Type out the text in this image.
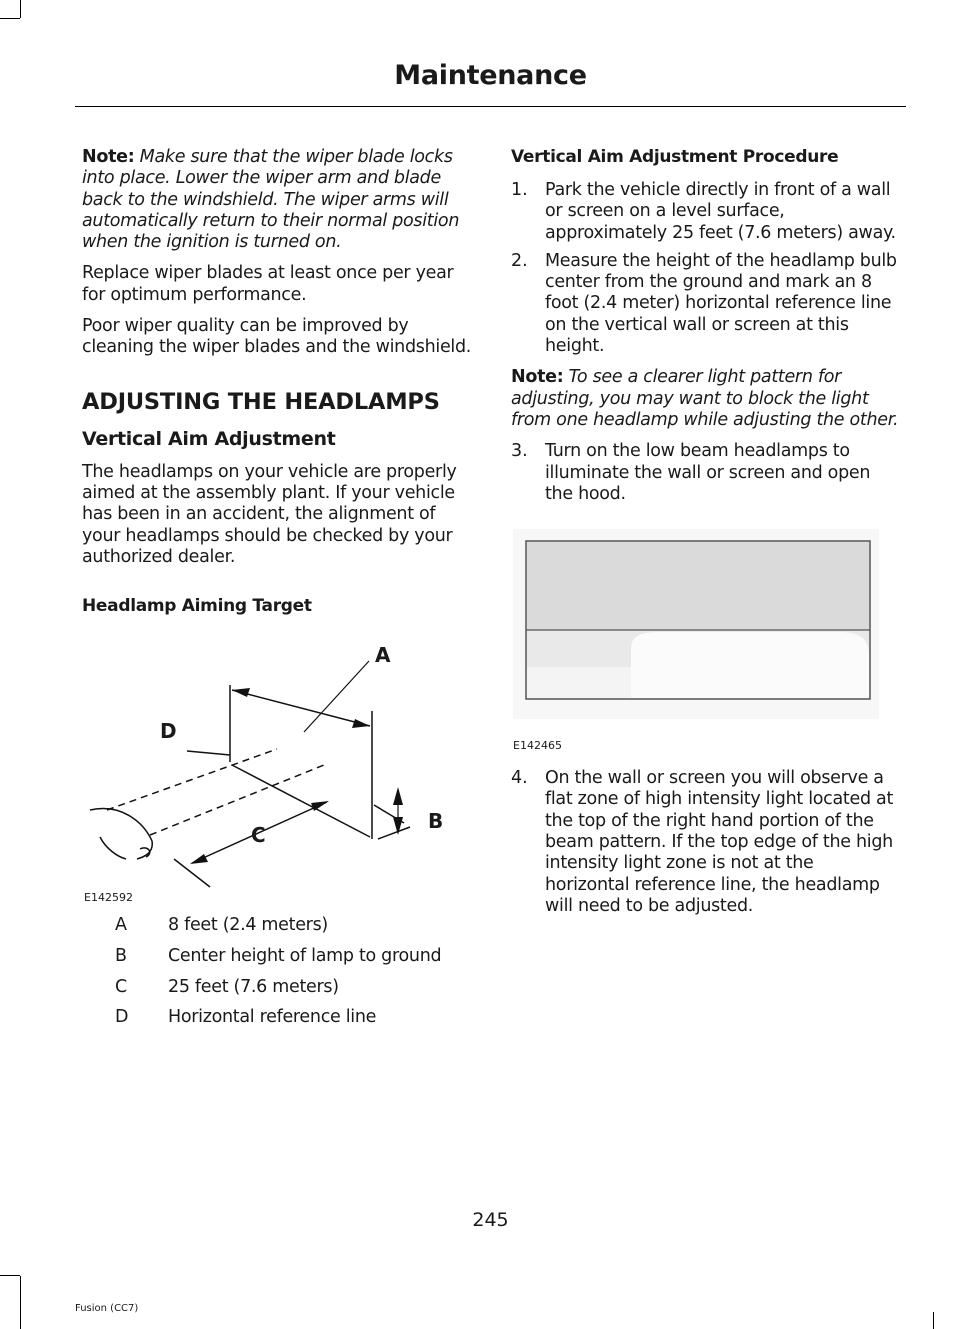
Maintenance

Note: Make sure that the wiper blade locks into place. Lower the wiper arm and blade back to the windshield. The wiper arms will automatically return to their normal position when the ignition is turned on.

Replace wiper blades at least once per year for optimum performance.

Poor wiper quality can be improved by cleaning the wiper blades and the windshield.

ADJUSTING THE HEADLAMPS
Vertical Aim Adjustment

The headlamps on your vehicle are properly aimed at the assembly plant. If your vehicle has been in an accident, the alignment of your headlamps should be checked by your authorized dealer.

Headlamp Aiming Target
A
B
C
D
E142592
A	8 feet (2.4 meters)
B	Center height of lamp to ground
C	25 feet (7.6 meters)
D	Horizontal reference line
Vertical Aim Adjustment Procedure
1. Park the vehicle directly in front of a wall or screen on a level surface, approximately 25 feet (7.6 meters) away.
2. Measure the height of the headlamp bulb center from the ground and mark an 8 foot (2.4 meter) horizontal reference line on the vertical wall or screen at this height.

Note: To see a clearer light pattern for adjusting, you may want to block the light from one headlamp while adjusting the other.

3. Turn on the low beam headlamps to illuminate the wall or screen and open the hood.
E142465
4. On the wall or screen you will observe a flat zone of high intensity light located at the top of the right hand portion of the beam pattern. If the top edge of the high intensity light zone is not at the horizontal reference line, the headlamp will need to be adjusted.
245
Fusion (CC7)
